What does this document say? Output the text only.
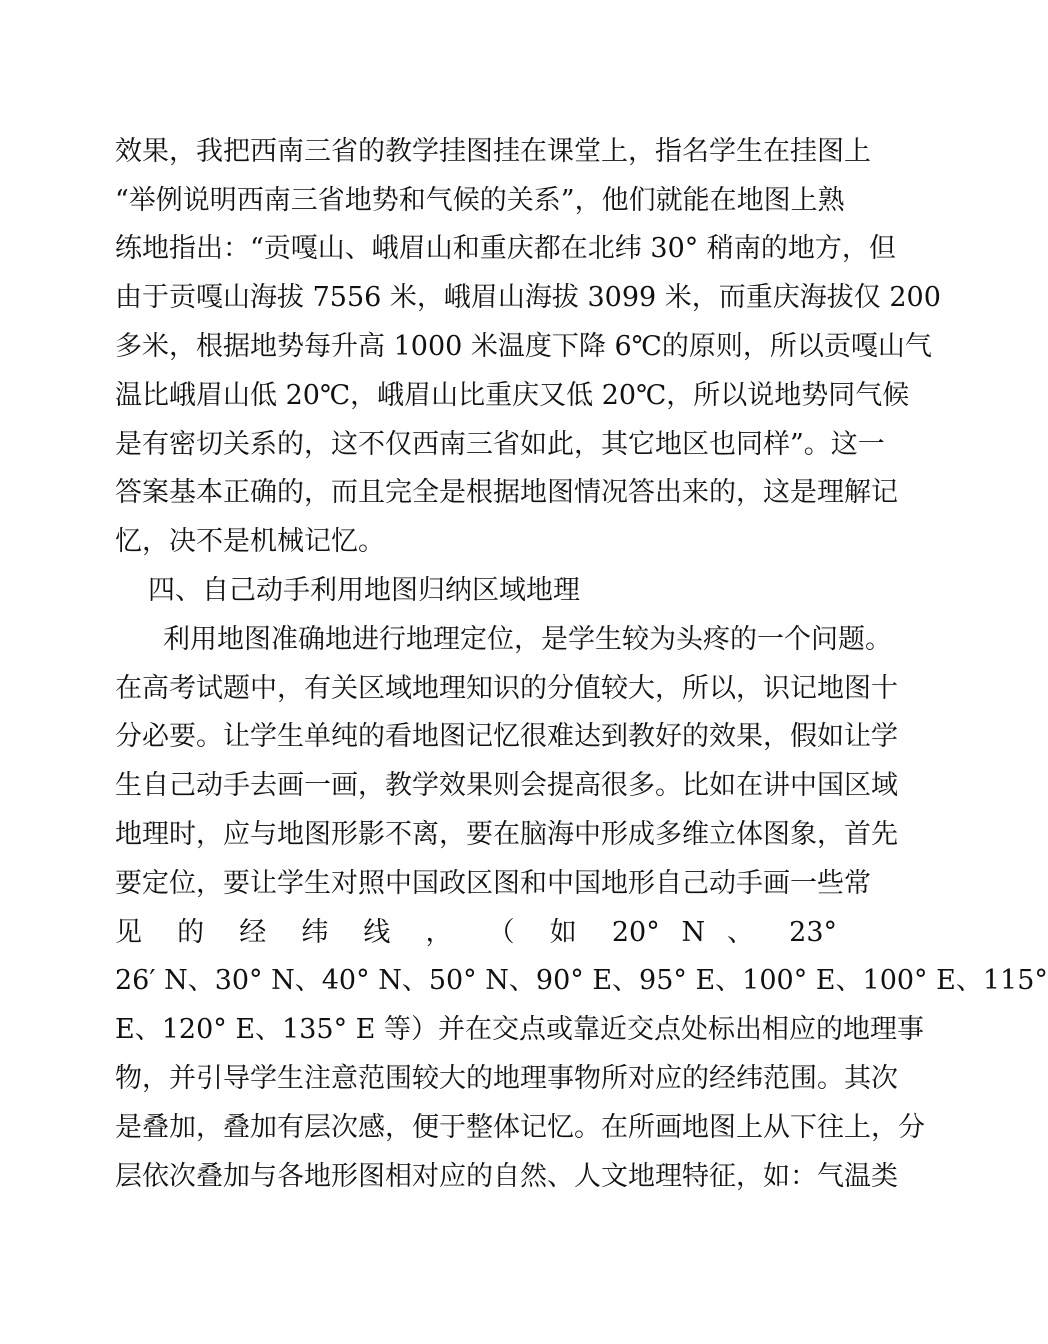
效果，我把西南三省的教学挂图挂在课堂上，指名学生在挂图上
“举例说明西南三省地势和气候的关系”，他们就能在地图上熟
练地指出：“贡嘎山、峨眉山和重庆都在北纬 30° 稍南的地方，但
由于贡嘎山海拔 7556 米，峨眉山海拔 3099 米，而重庆海拔仅 200
多米，根据地势每升高 1000 米温度下降 6℃的原则，所以贡嘎山气
温比峨眉山低 20℃，峨眉山比重庆又低 20℃，所以说地势同气候
是有密切关系的，这不仅西南三省如此，其它地区也同样”。这一
答案基本正确的，而且完全是根据地图情况答出来的，这是理解记
忆，决不是机械记忆。
四、自己动手利用地图归纳区域地理
利用地图准确地进行地理定位，是学生较为头疼的一个问题。
在高考试题中，有关区域地理知识的分值较大，所以，识记地图十
分必要。让学生单纯的看地图记忆很难达到教好的效果，假如让学
生自己动手去画一画，教学效果则会提高很多。比如在讲中国区域
地理时，应与地图形影不离，要在脑海中形成多维立体图象，首先
要定位，要让学生对照中国政区图和中国地形自己动手画一些常
见 的 经 纬 线 ， （ 如 20° N 、 23°
26′ N、30° N、40° N、50° N、90° E、95° E、100° E、100° E、115°
E、120° E、135° E 等）并在交点或靠近交点处标出相应的地理事
物，并引导学生注意范围较大的地理事物所对应的经纬范围。其次
是叠加，叠加有层次感，便于整体记忆。在所画地图上从下往上，分
层依次叠加与各地形图相对应的自然、人文地理特征，如：气温类
